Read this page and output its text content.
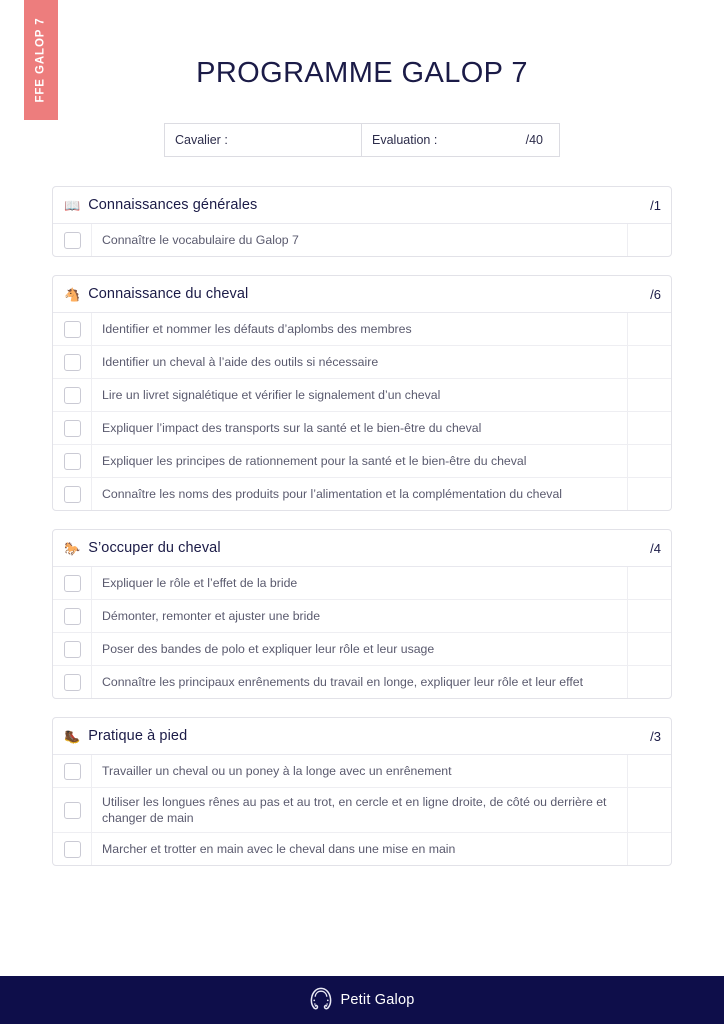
FFE GALOP 7	PROGRAMME GALOP 7
Cavalier :	Evaluation :	/40
📖 Connaissances générales	/1
Connaître le vocabulaire du Galop 7
🐴 Connaissance du cheval	/6
Identifier et nommer les défauts d’aplombs des membres
Identifier un cheval à l’aide des outils si nécessaire
Lire un livret signalétique et vérifier le signalement d’un cheval
Expliquer l’impact des transports sur la santé et le bien-être du cheval
Expliquer les principes de rationnement pour la santé et le bien-être du cheval
Connaître les noms des produits pour l’alimentation et la complémentation du cheval
🐎 S’occuper du cheval	/4
Expliquer le rôle et l’effet de la bride
Démonter, remonter et ajuster une bride
Poser des bandes de polo et expliquer leur rôle et leur usage
Connaître les principaux enrênements du travail en longe, expliquer leur rôle et leur effet
🥾 Pratique à pied	/3
Travailler un cheval ou un poney à la longe avec un enrênement
Utiliser les longues rênes au pas et au trot, en cercle et en ligne droite, de côté ou derrière et changer de main
Marcher et trotter en main avec le cheval dans une mise en main
Petit Galop
